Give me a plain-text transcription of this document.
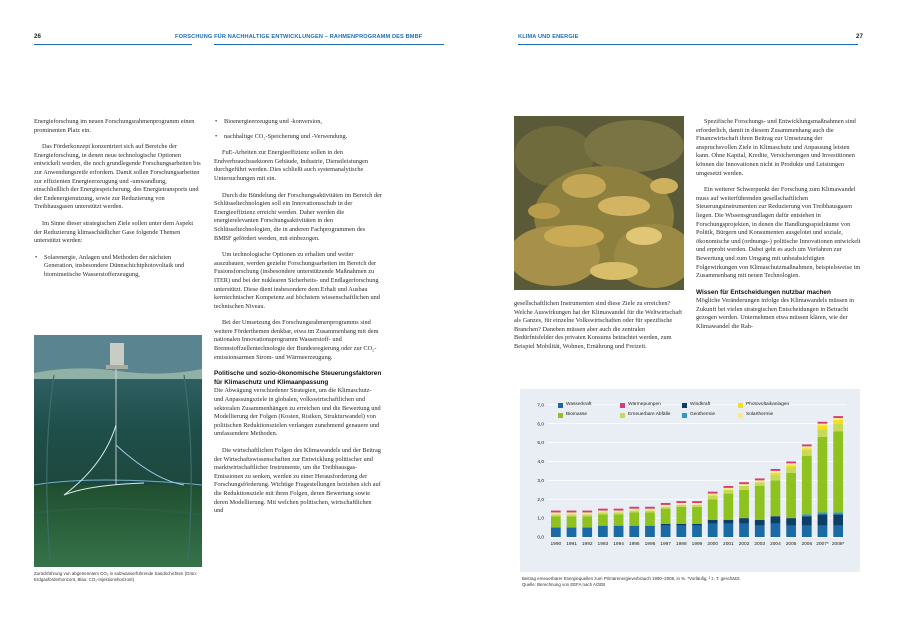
26	FORSCHUNG FÜR NACHHALTIGE ENTWICKLUNGEN – RAHMENPROGRAMM DES BMBF	KLIMA UND ENERGIE	27

Energieforschung im neuen Forschungsrahmenprogramm einen prominenten Platz ein.

Das Förderkonzept konzentriert sich auf Bereiche der Energieforschung, in denen neue technologische Optionen entwickelt werden, die noch grundlegende Forschungsarbeiten bis zur Anwendungsreife erfordern. Damit sollen Forschungsarbeiten zur effizienten Energieerzeugung und -umwandlung, einschließlich der Energiespeicherung, des Energietransports und der Endenergienutzung, sowie zur Reduzierung von Treibhausgasen unterstützt werden.

Im Sinne dieser strategischen Ziele sollen unter dem Aspekt der Reduzierung klimaschädlicher Gase folgende Themen unterstützt werden:

• Solarenergie, Anlagen und Methoden der nächsten Generation, insbesondere Dünnschichtphotovoltaik und biomimetische Wasserstofferzeugung,
Zurückführung von abgetrenntem CO₂ in salzwasserführende Sandschichten (Grün: Erdgasförderhorizont, Blau: CO₂-Injektionshorizont)
• Bioenergieerzeugung und -konversion,
• nachhaltige CO₂-Speicherung und -Verwendung.

FuE-Arbeiten zur Energieeffizienz sollen in den Endverbrauchssektoren Gebäude, Industrie, Dienstleistungen durchgeführt werden. Dies schließt auch systemanalytische Untersuchungen mit ein.

Durch die Bündelung der Forschungsaktivitäten im Bereich der Schlüsseltechnologien soll ein Innovationsschub in der Energieeffizienz erreicht werden. Daher werden die energierelevanten Forschungsaktivitäten in den Schlüsseltechnologien, die in anderen Fachprogrammen des BMBF gefördert werden, mit einbezogen.

Um technologische Optionen zu erhalten und weiter auszubauen, werden gezielte Forschungsarbeiten im Bereich der Fusionsforschung (insbesondere unterstützende Maßnahmen zu ITER) und bei der nuklearen Sicherheits- und Endlagerforschung unterstützt. Diese dient insbesondere dem Erhalt und Ausbau kerntechnischer Kompetenz auf höchstem wissenschaftlichen und technischen Niveau.

Bei der Umsetzung des Forschungsrahmenprogramms sind weitere Förderthemen denkbar, etwa im Zusammenhang mit dem nationalen Innovationsprogramm Wasserstoff- und Brennstoffzellentechnologie der Bundesregierung oder zur CO₂-emissionsarmen Strom- und Wärmeerzeugung.

Politische und sozio-ökonomische Steuerungsfaktoren für Klimaschutz und Klimaanpassung

Die Abwägung verschiedener Strategien, um die Klimaschutz- und Anpassungsziele in globalen, volkswirtschaftlichen und sektoralen Zusammenhängen zu erreichen und die Bewertung und Modellierung der Folgen (Kosten, Risiken, Strukturwandel) von politischen Reduktionszielen verlangen zunehmend genauere und umfassendere Methoden.

Die wirtschaftlichen Folgen des Klimawandels und der Beitrag der Wirtschaftswissenschaften zur Entwicklung politischer und marktwirtschaftlicher Instrumente, um die Treibhausgas-Emissionen zu senken, werden zu einer Herausforderung der Forschungsförderung. Wichtige Fragestellungen beziehen sich auf die Reduktionsziele mit ihren Folgen, deren Bewertung sowie deren Modellierung. Mit welchen politischen, wirtschaftlichen und

gesellschaftlichen Instrumenten sind diese Ziele zu erreichen? Welche Auswirkungen hat der Klimawandel für die Weltwirtschaft als Ganzes, für einzelne Volkswirtschaften oder für spezifische Branchen? Daneben müssen aber auch die zentralen Bedürfnisfelder des privaten Konsums betrachtet werden, zum Beispiel Mobilität, Wohnen, Ernährung und Freizeit.

Spezifische Forschungs- und Entwicklungsmaßnahmen sind erforderlich, damit in diesem Zusammenhang auch die Finanzwirtschaft ihren Beitrag zur Umsetzung der anspruchsvollen Ziele in Klimaschutz und Anpassung leisten kann. Ohne Kapital, Kredite, Versicherungen und Investitionen können die Innovationen nicht in Produkte und Leistungen umgesetzt werden.

Ein weiterer Schwerpunkt der Forschung zum Klimawandel muss auf weiterführenden gesellschaftlichen Steuerungsinstrumenten zur Reduzierung von Treibhausgasen liegen. Die Wissensgrundlagen dafür entstehen in Forschungsprojekten, in denen die Handlungsspielräume von Politik, Bürgern und Konsumenten ausgelotet und soziale, ökonomische und (ordnungs-) politische Innovationen entwickelt und erprobt werden. Dabei geht es auch um Verfahren zur Bewertung und zum Umgang mit unbeabsichtigten Folgewirkungen von Klimaschutzmaßnahmen, beispielsweise im Zusammenhang mit neuen Technologien.

Wissen für Entscheidungen nutzbar machen

Mögliche Veränderungen infolge des Klimawandels müssen in Zukunft bei vielen strategischen Entscheidungen in Betracht gezogen werden. Unternehmen etwa müssen klären, wie der Klimawandel die Rah-

0,0
1,0
2,0
3,0
4,0
5,0
6,0
7,0
1990 1991 1992 1993 1994 1995 1996 1997 1998 1999 2000 2001 2002 2003 2004 2005 2006 2007* 2008*
Wasserkraft	Wärmepumpen	Windkraft	Photovoltaikanlagen
Biomasse	Erneuerbare Abfälle	Geothermie	Solarthermie
Beitrag erneuerbarer Energiequellen zum Primärenergieverbrauch 1990–2008, in %. *Vorläufig, ² z. T. geschätzt.
Quelle: Berechnung von EEFA nach AGEB
